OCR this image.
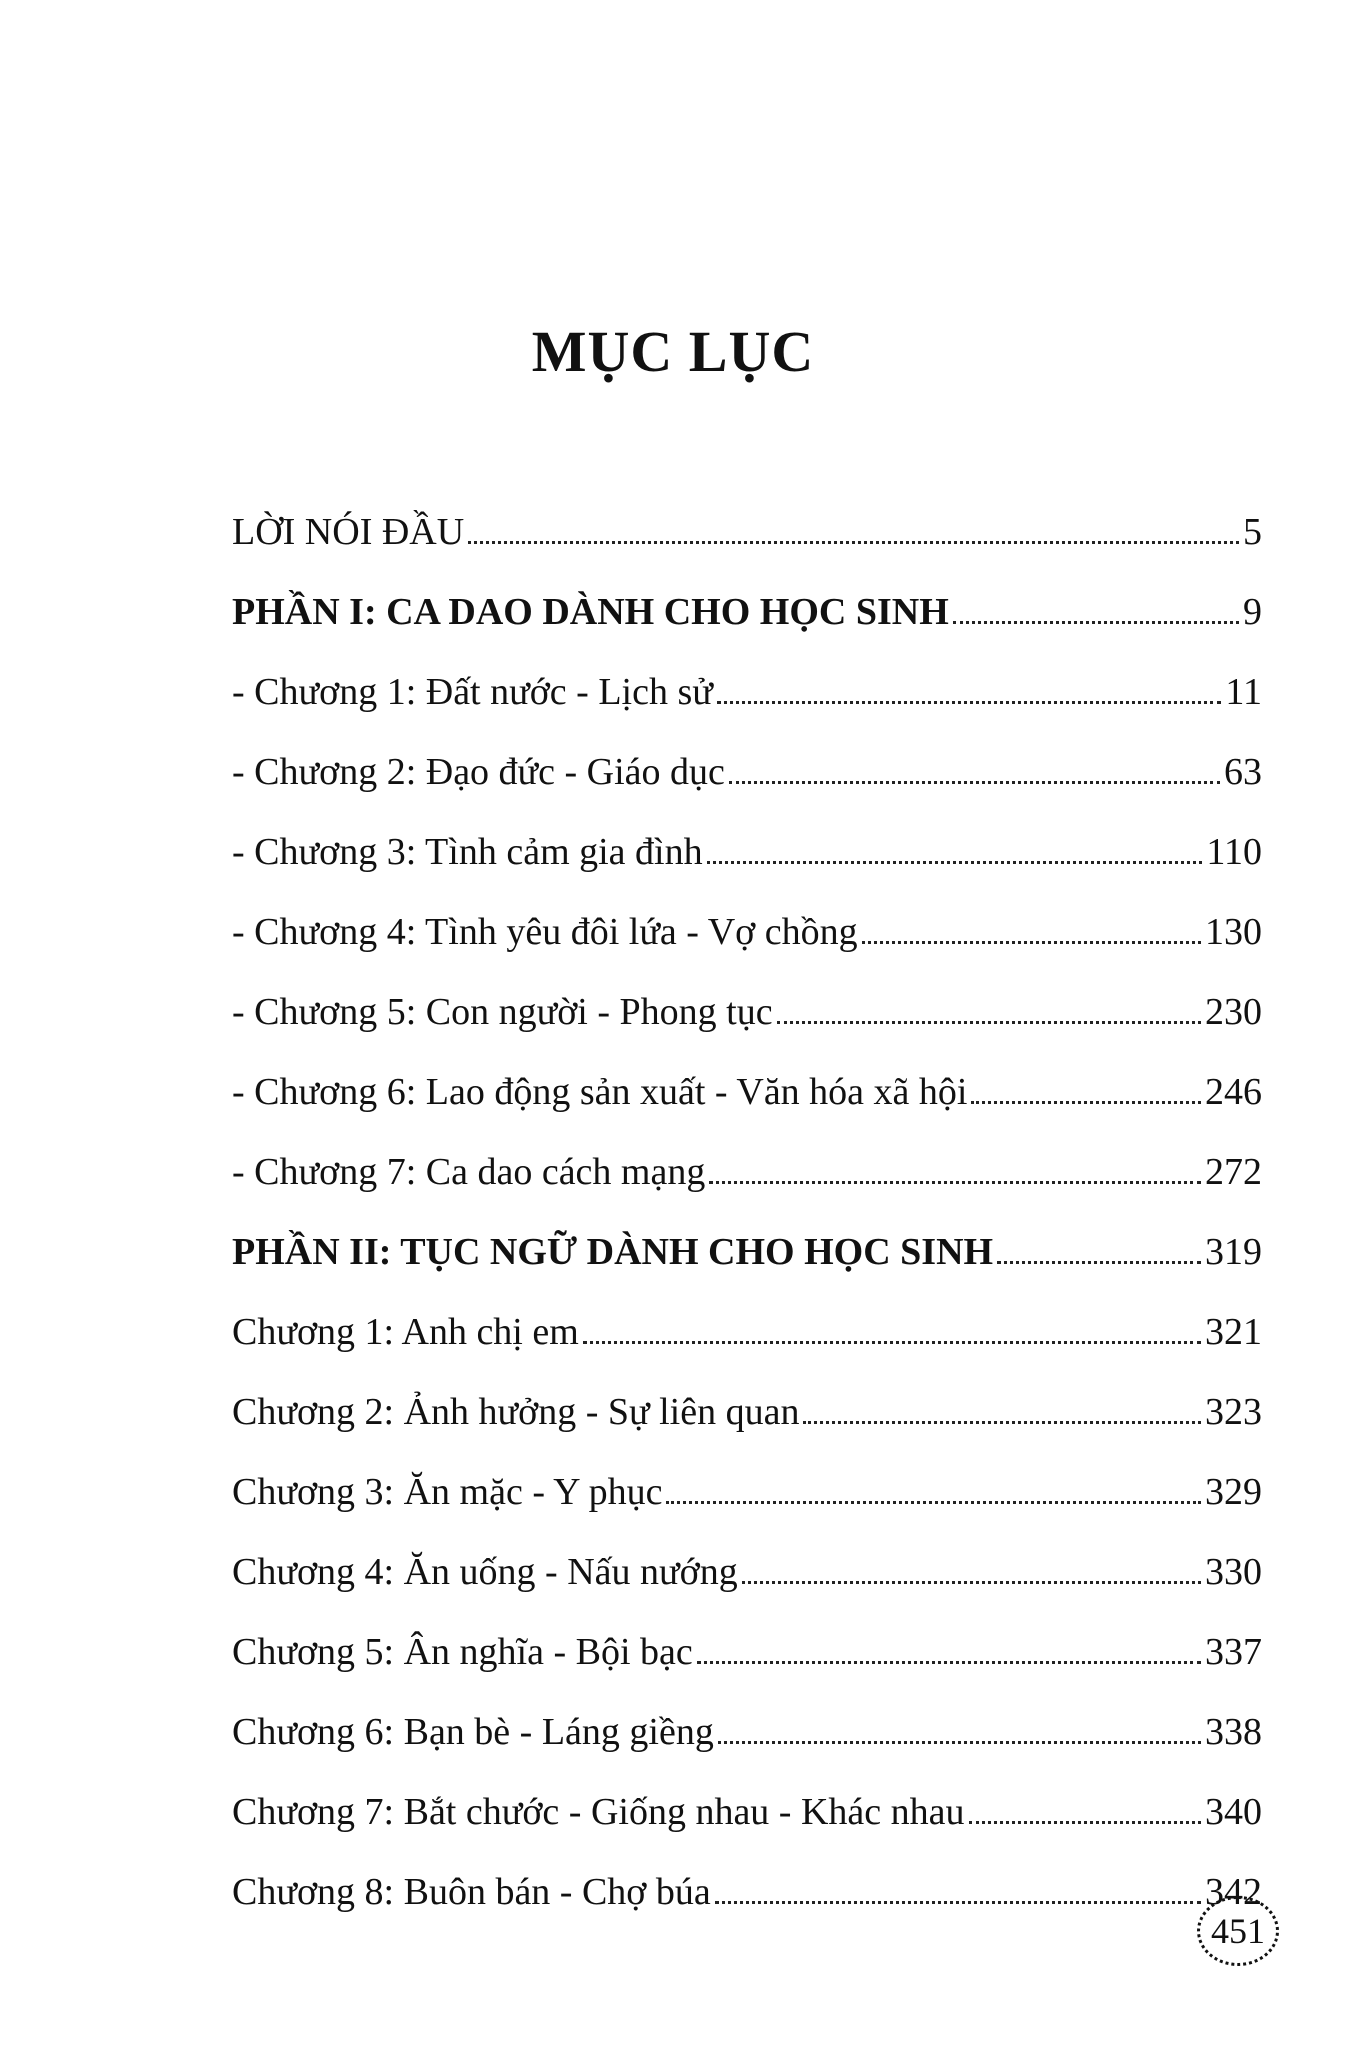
MỤC LỤC
LỜI NÓI ĐẦU	5
PHẦN I: CA DAO DÀNH CHO HỌC SINH	9
- Chương 1: Đất nước - Lịch sử	11
- Chương 2: Đạo đức - Giáo dục	63
- Chương 3: Tình cảm gia đình	110
- Chương 4: Tình yêu đôi lứa - Vợ chồng	130
- Chương 5: Con người - Phong tục	230
- Chương 6: Lao động sản xuất - Văn hóa xã hội	246
- Chương 7: Ca dao cách mạng	272
PHẦN II: TỤC NGỮ DÀNH CHO HỌC SINH	319
Chương 1: Anh chị em	321
Chương 2: Ảnh hưởng - Sự liên quan	323
Chương 3: Ăn mặc - Y phục	329
Chương 4: Ăn uống - Nấu nướng	330
Chương 5: Ân nghĩa - Bội bạc	337
Chương 6: Bạn bè - Láng giềng	338
Chương 7: Bắt chước - Giống nhau - Khác nhau	340
Chương 8: Buôn bán - Chợ búa	342
451
